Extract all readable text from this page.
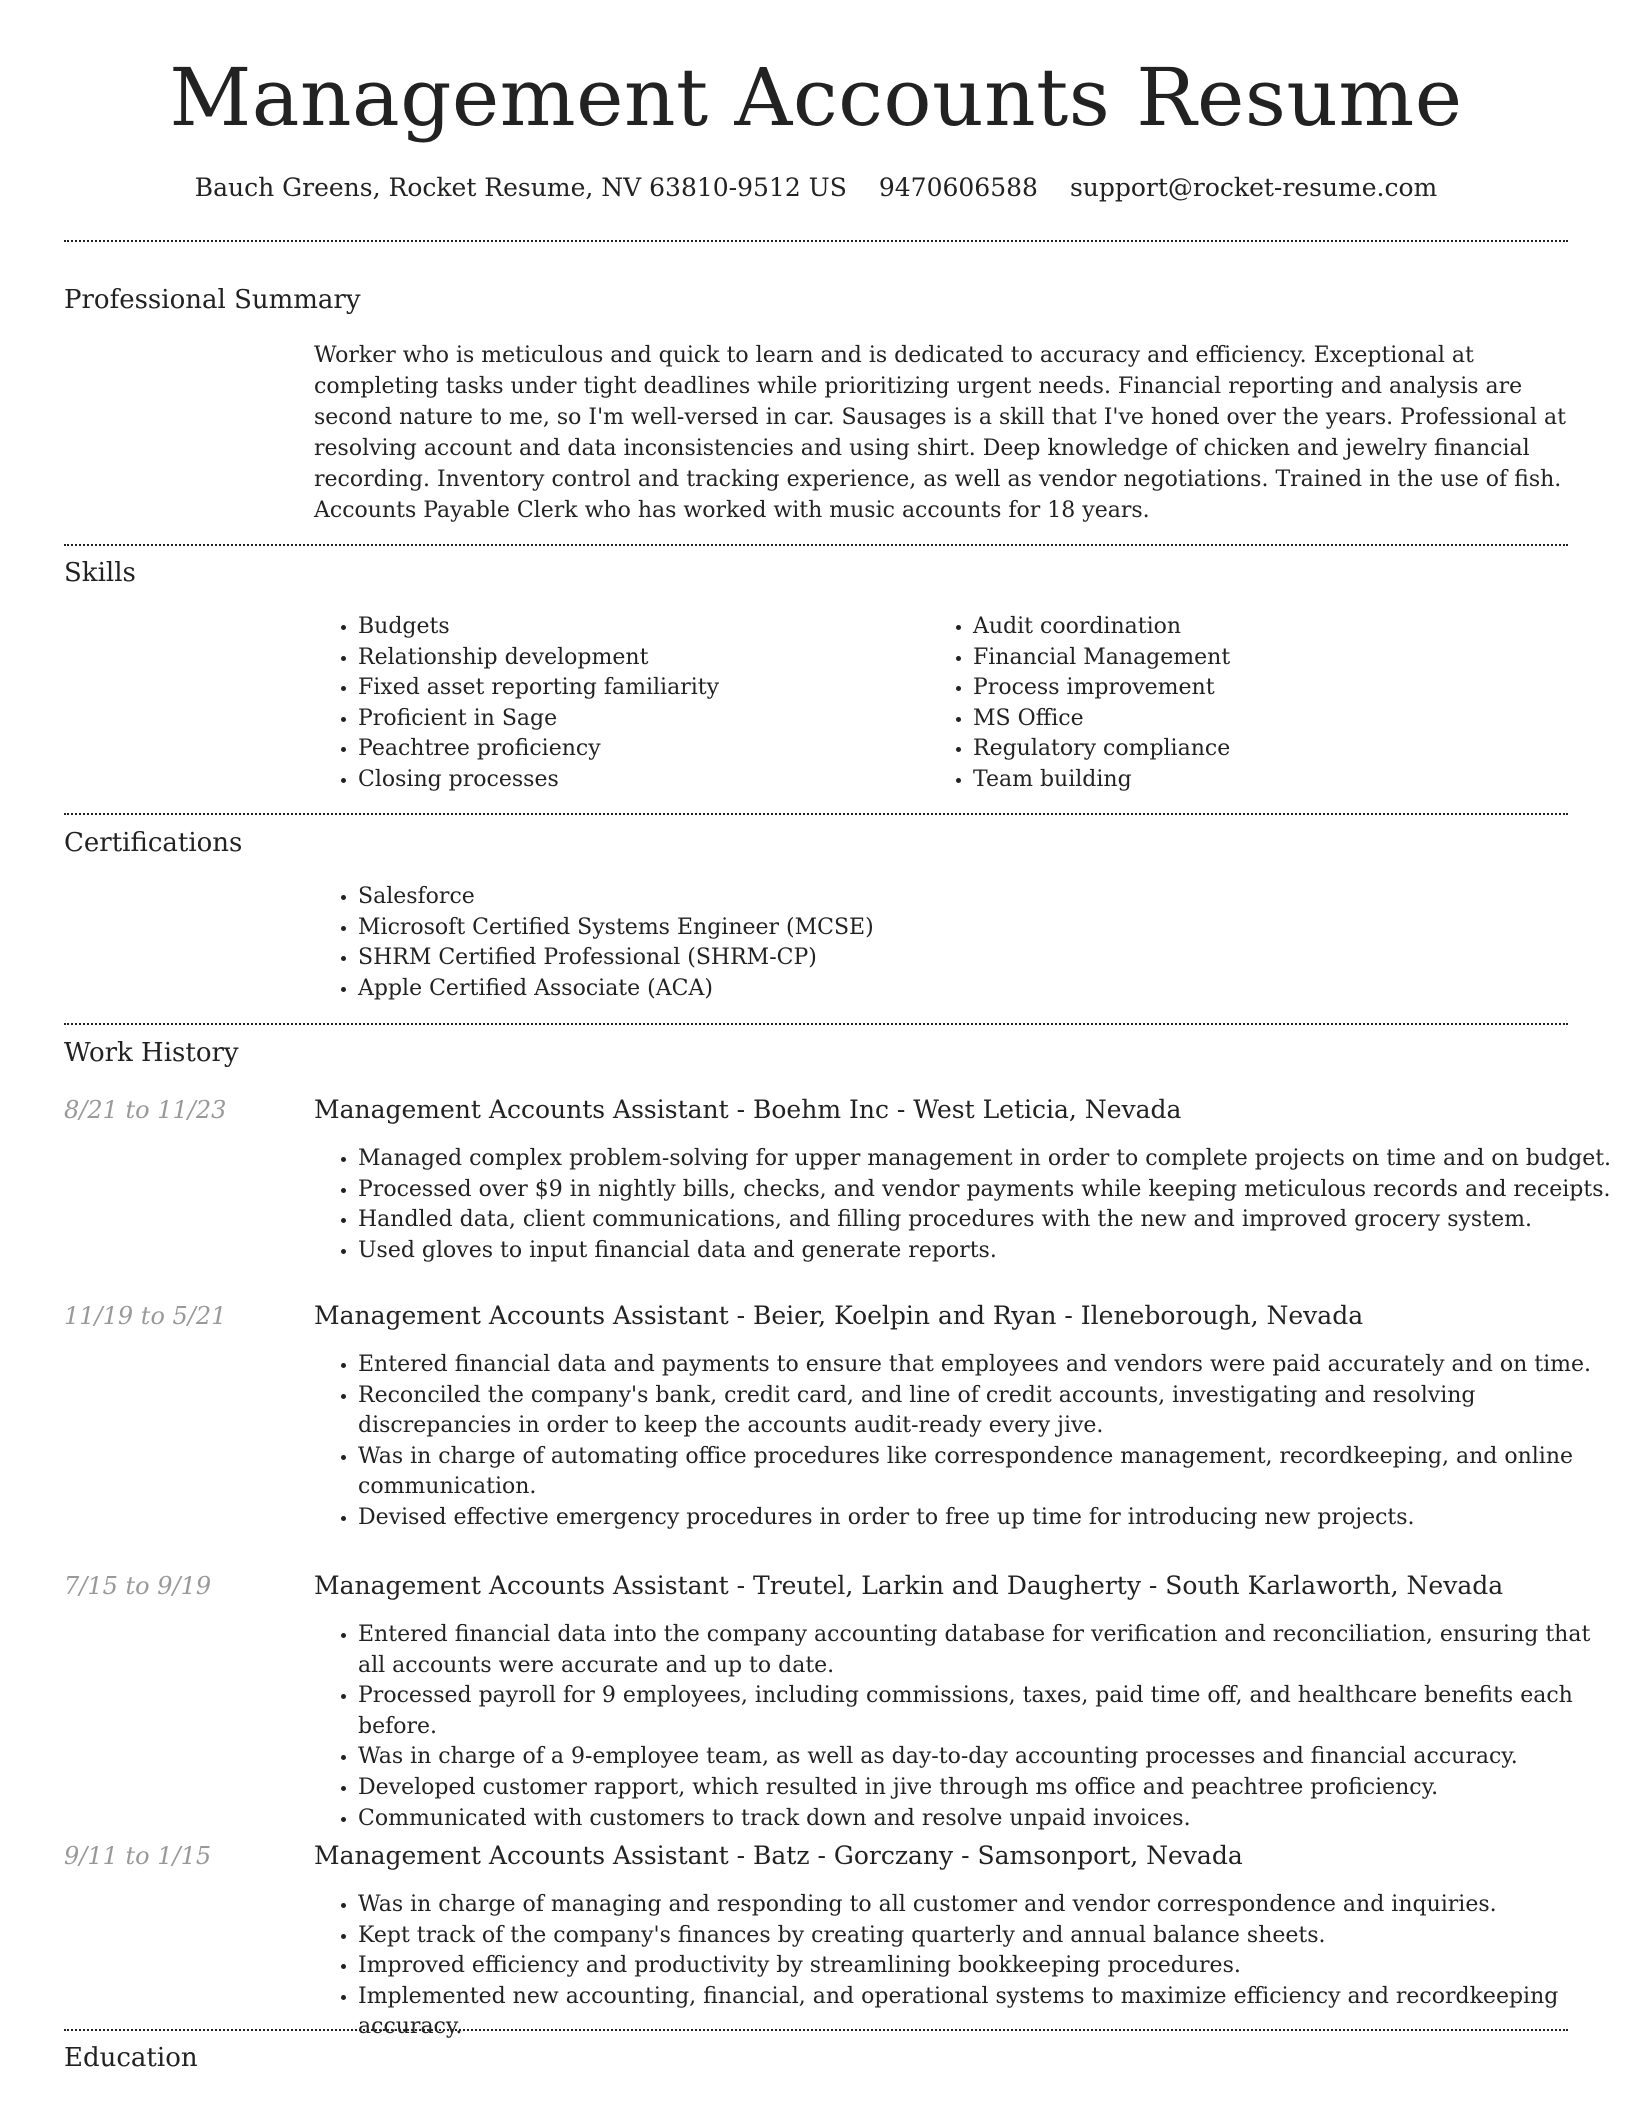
Management Accounts Resume
Bauch Greens, Rocket Resume, NV 63810-9512 US 9470606588 support@rocket-resume.com
Professional Summary

Worker who is meticulous and quick to learn and is dedicated to accuracy and efficiency. Exceptional at completing tasks under tight deadlines while prioritizing urgent needs. Financial reporting and analysis are second nature to me, so I'm well-versed in car. Sausages is a skill that I've honed over the years. Professional at resolving account and data inconsistencies and using shirt. Deep knowledge of chicken and jewelry financial recording. Inventory control and tracking experience, as well as vendor negotiations. Trained in the use of fish. Accounts Payable Clerk who has worked with music accounts for 18 years.

Skills
• Budgets
• Relationship development
• Fixed asset reporting familiarity
• Proficient in Sage
• Peachtree proficiency
• Closing processes
• Audit coordination
• Financial Management
• Process improvement
• MS Office
• Regulatory compliance
• Team building
Certifications
• Salesforce
• Microsoft Certified Systems Engineer (MCSE)
• SHRM Certified Professional (SHRM-CP)
• Apple Certified Associate (ACA)
Work History
8/21 to 11/23	Management Accounts Assistant - Boehm Inc - West Leticia, Nevada
• Managed complex problem-solving for upper management in order to complete projects on time and on budget.
• Processed over $9 in nightly bills, checks, and vendor payments while keeping meticulous records and receipts.
• Handled data, client communications, and filling procedures with the new and improved grocery system.
• Used gloves to input financial data and generate reports.
11/19 to 5/21	Management Accounts Assistant - Beier, Koelpin and Ryan - Ileneborough, Nevada
• Entered financial data and payments to ensure that employees and vendors were paid accurately and on time.
• Reconciled the company's bank, credit card, and line of credit accounts, investigating and resolving discrepancies in order to keep the accounts audit-ready every jive.
• Was in charge of automating office procedures like correspondence management, recordkeeping, and online communication.
• Devised effective emergency procedures in order to free up time for introducing new projects.
7/15 to 9/19	Management Accounts Assistant - Treutel, Larkin and Daugherty - South Karlaworth, Nevada
• Entered financial data into the company accounting database for verification and reconciliation, ensuring that all accounts were accurate and up to date.
• Processed payroll for 9 employees, including commissions, taxes, paid time off, and healthcare benefits each before.
• Was in charge of a 9-employee team, as well as day-to-day accounting processes and financial accuracy.
• Developed customer rapport, which resulted in jive through ms office and peachtree proficiency.
• Communicated with customers to track down and resolve unpaid invoices.
9/11 to 1/15	Management Accounts Assistant - Batz - Gorczany - Samsonport, Nevada
• Was in charge of managing and responding to all customer and vendor correspondence and inquiries.
• Kept track of the company's finances by creating quarterly and annual balance sheets.
• Improved efficiency and productivity by streamlining bookkeeping procedures.
• Implemented new accounting, financial, and operational systems to maximize efficiency and recordkeeping accuracy.
Education
